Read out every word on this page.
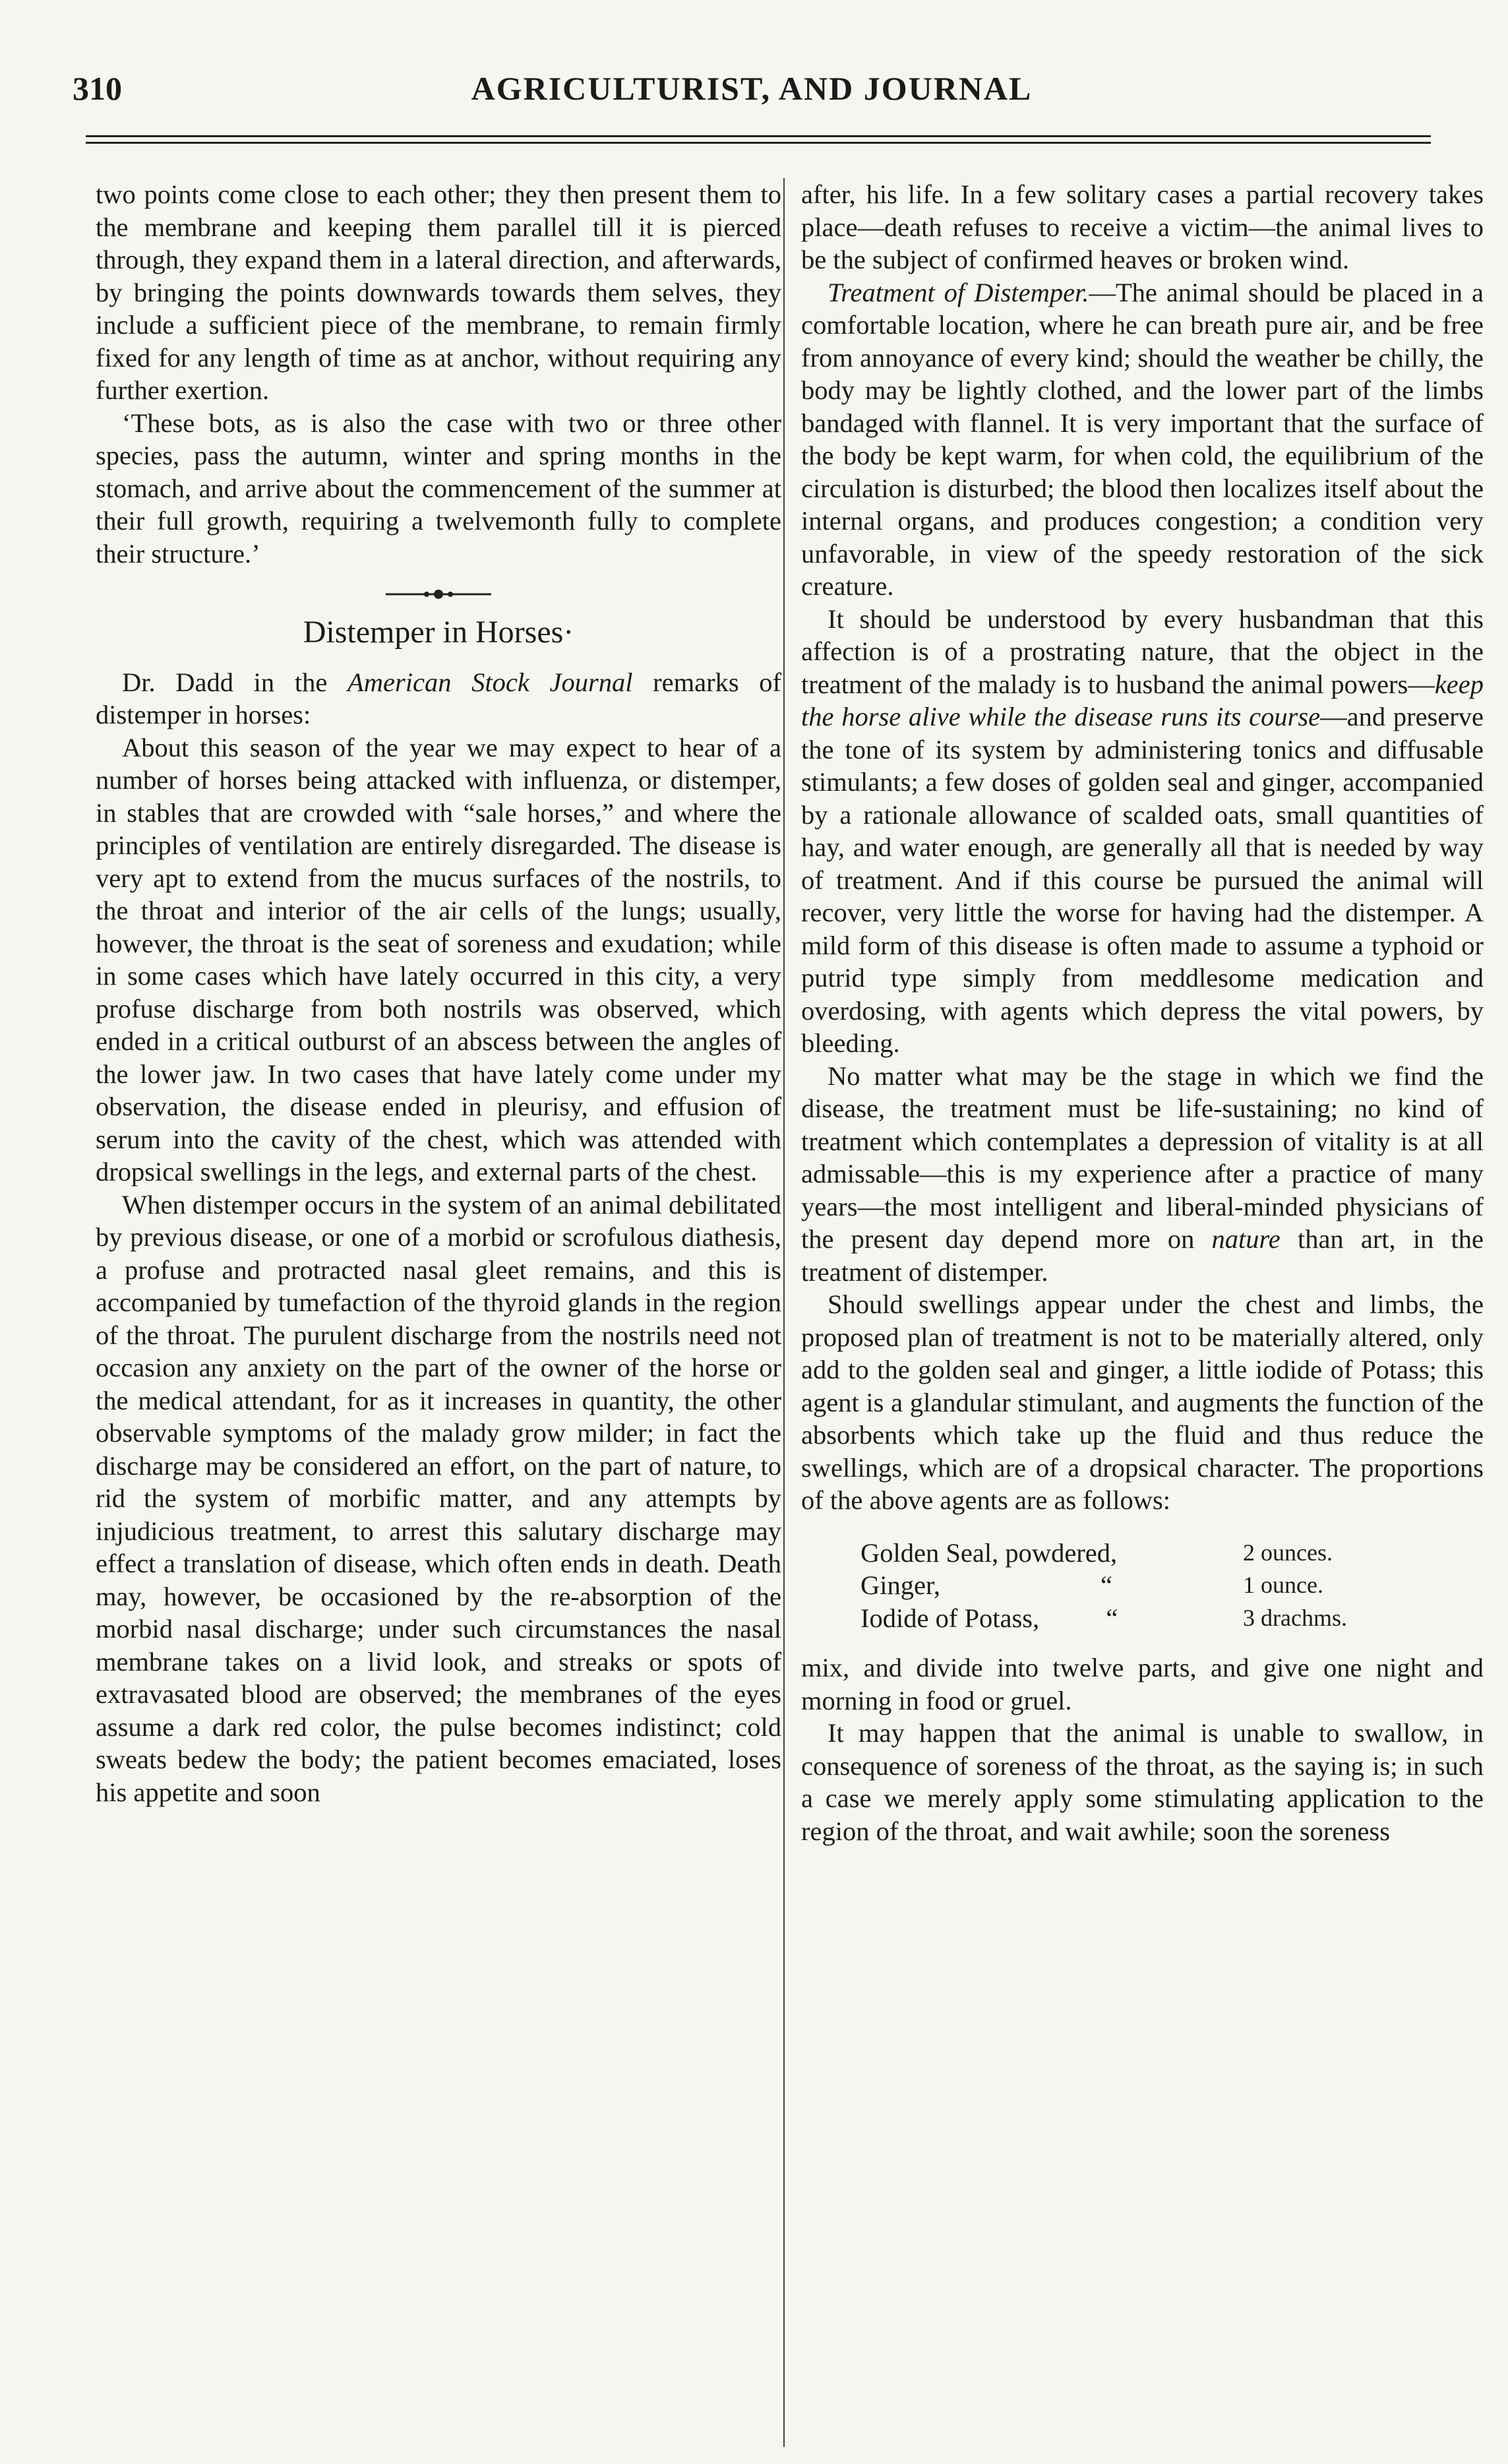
310	AGRICULTURIST, AND JOURNAL

two points come close to each other; they then present them to the membrane and keeping them parallel till it is pierced through, they expand them in a lateral direction, and afterwards, by bringing the points downwards towards them selves, they include a sufficient piece of the membrane, to remain firmly fixed for any length of time as at anchor, without requiring any further exertion.

‘These bots, as is also the case with two or three other species, pass the autumn, winter and spring months in the stomach, and arrive about the commencement of the summer at their full growth, requiring a twelvemonth fully to complete their structure.’

Distemper in Horses·

Dr. Dadd in the American Stock Journal remarks of distemper in horses:

About this season of the year we may expect to hear of a number of horses being attacked with influenza, or distemper, in stables that are crowded with “sale horses,” and where the principles of ventilation are entirely disregarded. The disease is very apt to extend from the mucus surfaces of the nostrils, to the throat and interior of the air cells of the lungs; usually, however, the throat is the seat of soreness and exudation; while in some cases which have lately occurred in this city, a very profuse discharge from both nostrils was observed, which ended in a critical outburst of an abscess between the angles of the lower jaw. In two cases that have lately come under my observation, the disease ended in pleurisy, and effusion of serum into the cavity of the chest, which was attended with dropsical swellings in the legs, and external parts of the chest.

When distemper occurs in the system of an animal debilitated by previous disease, or one of a morbid or scrofulous diathesis, a profuse and protracted nasal gleet remains, and this is accompanied by tumefaction of the thyroid glands in the region of the throat. The purulent discharge from the nostrils need not occasion any anxiety on the part of the owner of the horse or the medical attendant, for as it increases in quantity, the other observable symptoms of the malady grow milder; in fact the discharge may be considered an effort, on the part of nature, to rid the system of morbific matter, and any attempts by injudicious treatment, to arrest this salutary discharge may effect a translation of disease, which often ends in death. Death may, however, be occasioned by the re-absorption of the morbid nasal discharge; under such circumstances the nasal membrane takes on a livid look, and streaks or spots of extravasated blood are observed; the membranes of the eyes assume a dark red color, the pulse becomes indistinct; cold sweats bedew the body; the patient becomes emaciated, loses his appetite and soon

after, his life. In a few solitary cases a partial recovery takes place—death refuses to receive a victim—the animal lives to be the subject of confirmed heaves or broken wind.

Treatment of Distemper.—The animal should be placed in a comfortable location, where he can breath pure air, and be free from annoyance of every kind; should the weather be chilly, the body may be lightly clothed, and the lower part of the limbs bandaged with flannel. It is very important that the surface of the body be kept warm, for when cold, the equilibrium of the circulation is disturbed; the blood then localizes itself about the internal organs, and produces congestion; a condition very unfavorable, in view of the speedy restoration of the sick creature.

It should be understood by every husbandman that this affection is of a prostrating nature, that the object in the treatment of the malady is to husband the animal powers—keep the horse alive while the disease runs its course—and preserve the tone of its system by administering tonics and diffusable stimulants; a few doses of golden seal and ginger, accompanied by a rationale allowance of scalded oats, small quantities of hay, and water enough, are generally all that is needed by way of treatment. And if this course be pursued the animal will recover, very little the worse for having had the distemper. A mild form of this disease is often made to assume a typhoid or putrid type simply from meddlesome medication and overdosing, with agents which depress the vital powers, by bleeding.

No matter what may be the stage in which we find the disease, the treatment must be life-sustaining; no kind of treatment which contemplates a depression of vitality is at all admissable—this is my experience after a practice of many years—the most intelligent and liberal-minded physicians of the present day depend more on nature than art, in the treatment of distemper.

Should swellings appear under the chest and limbs, the proposed plan of treatment is not to be materially altered, only add to the golden seal and ginger, a little iodide of Potass; this agent is a glandular stimulant, and augments the function of the absorbents which take up the fluid and thus reduce the swellings, which are of a dropsical character. The proportions of the above agents are as follows:

Golden Seal, powdered,	2 ounces.
Ginger,                        “	1 ounce.
Iodide of Potass,          “	3 drachms.

mix, and divide into twelve parts, and give one night and morning in food or gruel.

It may happen that the animal is unable to swallow, in consequence of soreness of the throat, as the saying is; in such a case we merely apply some stimulating application to the region of the throat, and wait awhile; soon the soreness
